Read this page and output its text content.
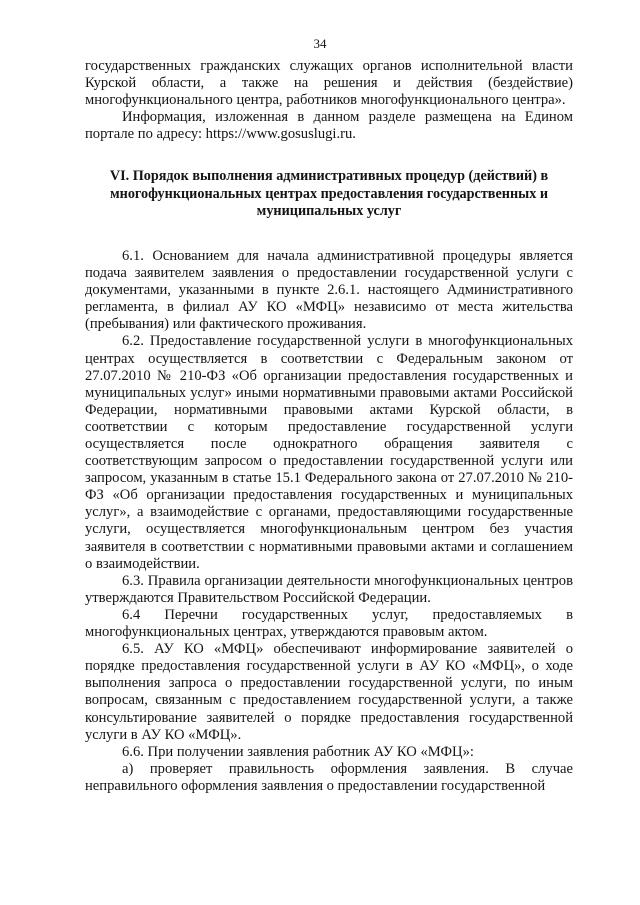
34

государственных гражданских служащих органов исполнительной власти Курской области, а также на решения и действия (бездействие) многофункционального центра, работников многофункционального центра».

Информация, изложенная в данном разделе размещена на Едином портале по адресу: https://www.gosuslugi.ru.

VI. Порядок выполнения административных процедур (действий) в многофункциональных центрах предоставления государственных и муниципальных услуг

6.1. Основанием для начала административной процедуры является подача заявителем заявления о предоставлении государственной услуги с документами, указанными в пункте 2.6.1. настоящего Административного регламента, в филиал АУ КО «МФЦ» независимо от места жительства (пребывания) или фактического проживания.

6.2. Предоставление государственной услуги в многофункциональных центрах осуществляется в соответствии с Федеральным законом от 27.07.2010 № 210-ФЗ «Об организации предоставления государственных и муниципальных услуг» иными нормативными правовыми актами Российской Федерации, нормативными правовыми актами Курской области, в соответствии с которым предоставление государственной услуги осуществляется после однократного обращения заявителя с соответствующим запросом о предоставлении государственной услуги или запросом, указанным в статье 15.1 Федерального закона от 27.07.2010 № 210-ФЗ «Об организации предоставления государственных и муниципальных услуг», а взаимодействие с органами, предоставляющими государственные услуги, осуществляется многофункциональным центром без участия заявителя в соответствии с нормативными правовыми актами и соглашением о взаимодействии.

6.3. Правила организации деятельности многофункциональных центров утверждаются Правительством Российской Федерации.

6.4 Перечни государственных услуг, предоставляемых в многофункциональных центрах, утверждаются правовым актом.

6.5. АУ КО «МФЦ» обеспечивают информирование заявителей о порядке предоставления государственной услуги в АУ КО «МФЦ», о ходе выполнения запроса о предоставлении государственной услуги, по иным вопросам, связанным с предоставлением государственной услуги, а также консультирование заявителей о порядке предоставления государственной услуги в АУ КО «МФЦ».

6.6. При получении заявления работник АУ КО «МФЦ»:

а) проверяет правильность оформления заявления. В случае неправильного оформления заявления о предоставлении государственной
